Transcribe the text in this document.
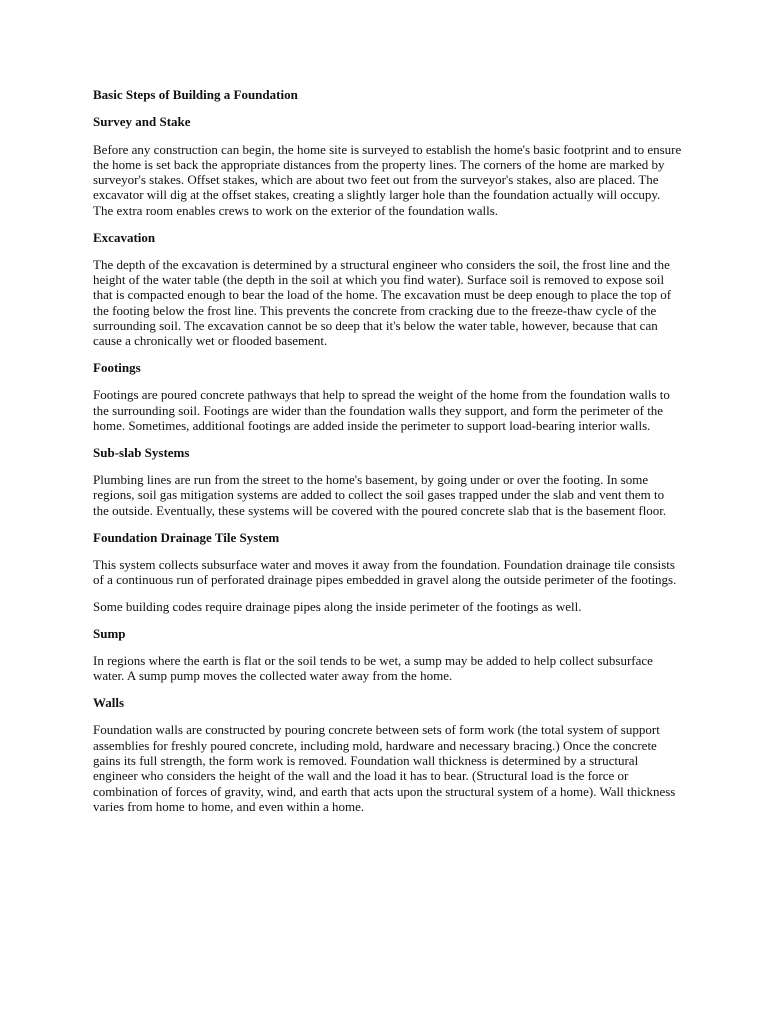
Basic Steps of Building a Foundation
Survey and Stake

Before any construction can begin, the home site is surveyed to establish the home's basic footprint and to ensure the home is set back the appropriate distances from the property lines. The corners of the home are marked by surveyor's stakes. Offset stakes, which are about two feet out from the surveyor's stakes, also are placed. The excavator will dig at the offset stakes, creating a slightly larger hole than the foundation actually will occupy. The extra room enables crews to work on the exterior of the foundation walls.

Excavation

The depth of the excavation is determined by a structural engineer who considers the soil, the frost line and the height of the water table (the depth in the soil at which you find water). Surface soil is removed to expose soil that is compacted enough to bear the load of the home. The excavation must be deep enough to place the top of the footing below the frost line. This prevents the concrete from cracking due to the freeze-thaw cycle of the surrounding soil. The excavation cannot be so deep that it's below the water table, however, because that can cause a chronically wet or flooded basement.

Footings

Footings are poured concrete pathways that help to spread the weight of the home from the foundation walls to the surrounding soil. Footings are wider than the foundation walls they support, and form the perimeter of the home. Sometimes, additional footings are added inside the perimeter to support load-bearing interior walls.

Sub-slab Systems

Plumbing lines are run from the street to the home's basement, by going under or over the footing. In some regions, soil gas mitigation systems are added to collect the soil gases trapped under the slab and vent them to the outside. Eventually, these systems will be covered with the poured concrete slab that is the basement floor.

Foundation Drainage Tile System

This system collects subsurface water and moves it away from the foundation. Foundation drainage tile consists of a continuous run of perforated drainage pipes embedded in gravel along the outside perimeter of the footings.

Some building codes require drainage pipes along the inside perimeter of the footings as well.

Sump

In regions where the earth is flat or the soil tends to be wet, a sump may be added to help collect subsurface water. A sump pump moves the collected water away from the home.

Walls

Foundation walls are constructed by pouring concrete between sets of form work (the total system of support assemblies for freshly poured concrete, including mold, hardware and necessary bracing.) Once the concrete gains its full strength, the form work is removed. Foundation wall thickness is determined by a structural engineer who considers the height of the wall and the load it has to bear. (Structural load is the force or combination of forces of gravity, wind, and earth that acts upon the structural system of a home). Wall thickness varies from home to home, and even within a home.
